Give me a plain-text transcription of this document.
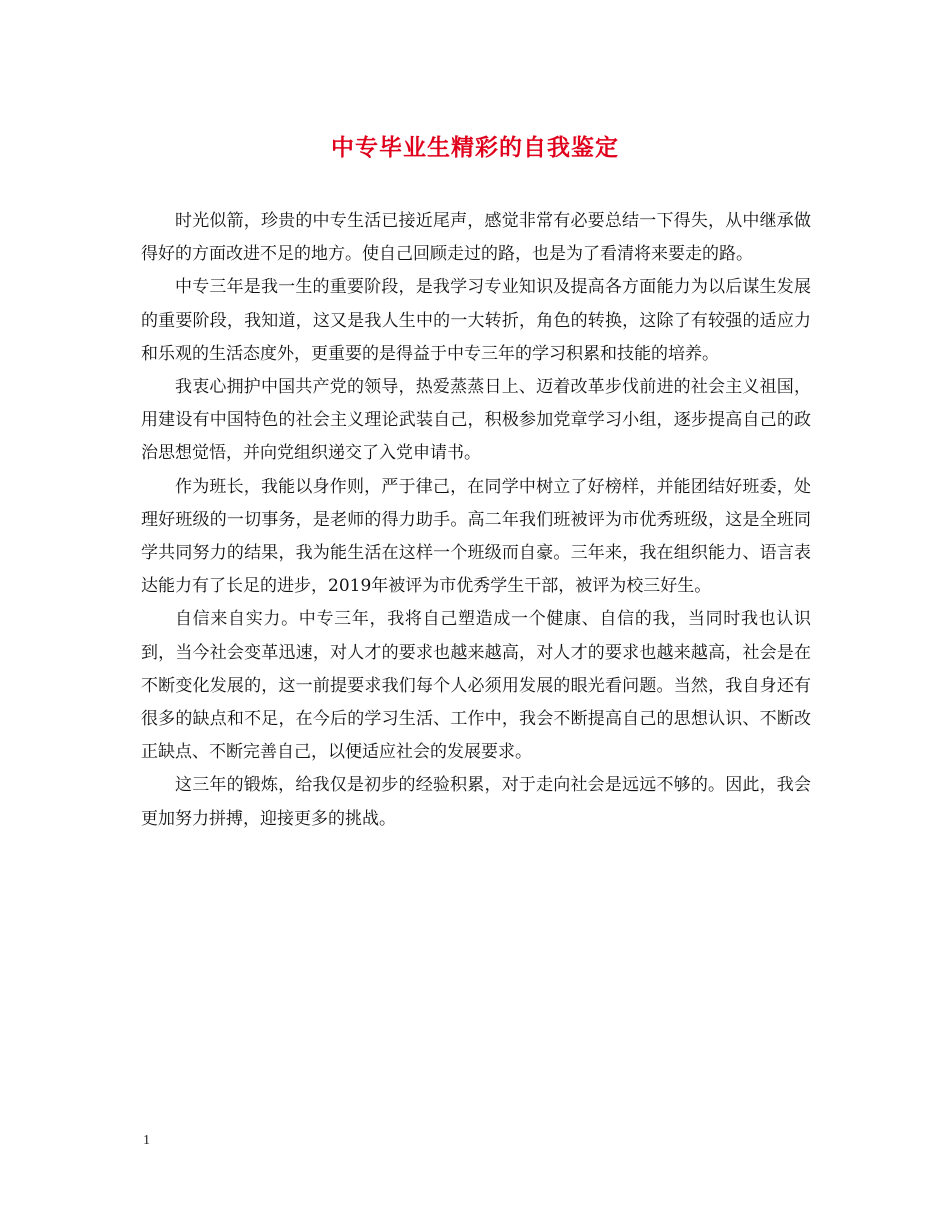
中专毕业生精彩的自我鉴定

时光似箭，珍贵的中专生活已接近尾声，感觉非常有必要总结一下得失，从中继承做得好的方面改进不足的地方。使自己回顾走过的路，也是为了看清将来要走的路。

中专三年是我一生的重要阶段，是我学习专业知识及提高各方面能力为以后谋生发展的重要阶段，我知道，这又是我人生中的一大转折，角色的转换，这除了有较强的适应力和乐观的生活态度外，更重要的是得益于中专三年的学习积累和技能的培养。

我衷心拥护中国共产党的领导，热爱蒸蒸日上、迈着改革步伐前进的社会主义祖国，用建设有中国特色的社会主义理论武装自己，积极参加党章学习小组，逐步提高自己的政治思想觉悟，并向党组织递交了入党申请书。

作为班长，我能以身作则，严于律己，在同学中树立了好榜样，并能团结好班委，处理好班级的一切事务，是老师的得力助手。高二年我们班被评为市优秀班级，这是全班同学共同努力的结果，我为能生活在这样一个班级而自豪。三年来，我在组织能力、语言表达能力有了长足的进步，2019年被评为市优秀学生干部，被评为校三好生。

自信来自实力。中专三年，我将自己塑造成一个健康、自信的我，当同时我也认识到，当今社会变革迅速，对人才的要求也越来越高，对人才的要求也越来越高，社会是在不断变化发展的，这一前提要求我们每个人必须用发展的眼光看问题。当然，我自身还有很多的缺点和不足，在今后的学习生活、工作中，我会不断提高自己的思想认识、不断改正缺点、不断完善自己，以便适应社会的发展要求。

这三年的锻炼，给我仅是初步的经验积累，对于走向社会是远远不够的。因此，我会更加努力拼搏，迎接更多的挑战。

1
